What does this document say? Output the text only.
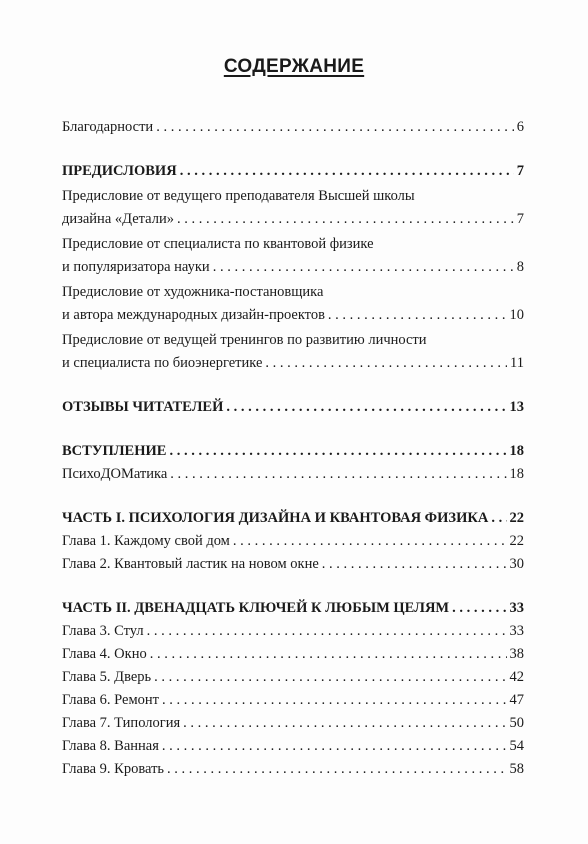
СОДЕРЖАНИЕ
Благодарности . . .	6
ПРЕДИСЛОВИЯ . . .	7
Предисловие от ведущего преподавателя Высшей школы
дизайна «Детали» . . .	7
Предисловие от специалиста по квантовой физике
и популяризатора науки . . .	8
Предисловие от художника-постановщика
и автора международных дизайн-проектов . . .	10
Предисловие от ведущей тренингов по развитию личности
и специалиста по биоэнергетике . . .	11
ОТЗЫВЫ ЧИТАТЕЛЕЙ . . .	13
ВСТУПЛЕНИЕ . . .	18
ПсихоДОМатика . . .	18
ЧАСТЬ I. ПСИХОЛОГИЯ ДИЗАЙНА И КВАНТОВАЯ ФИЗИКА . . . 22
Глава 1. Каждому свой дом . . .	22
Глава 2. Квантовый ластик на новом окне . . .	30
ЧАСТЬ II. ДВЕНАДЦАТЬ КЛЮЧЕЙ К ЛЮБЫМ ЦЕЛЯМ . . .	33
Глава 3. Стул . . .	33
Глава 4. Окно . . .	38
Глава 5. Дверь . . .	42
Глава 6. Ремонт . . .	47
Глава 7. Типология . . .	50
Глава 8. Ванная . . .	54
Глава 9. Кровать . . .	58
